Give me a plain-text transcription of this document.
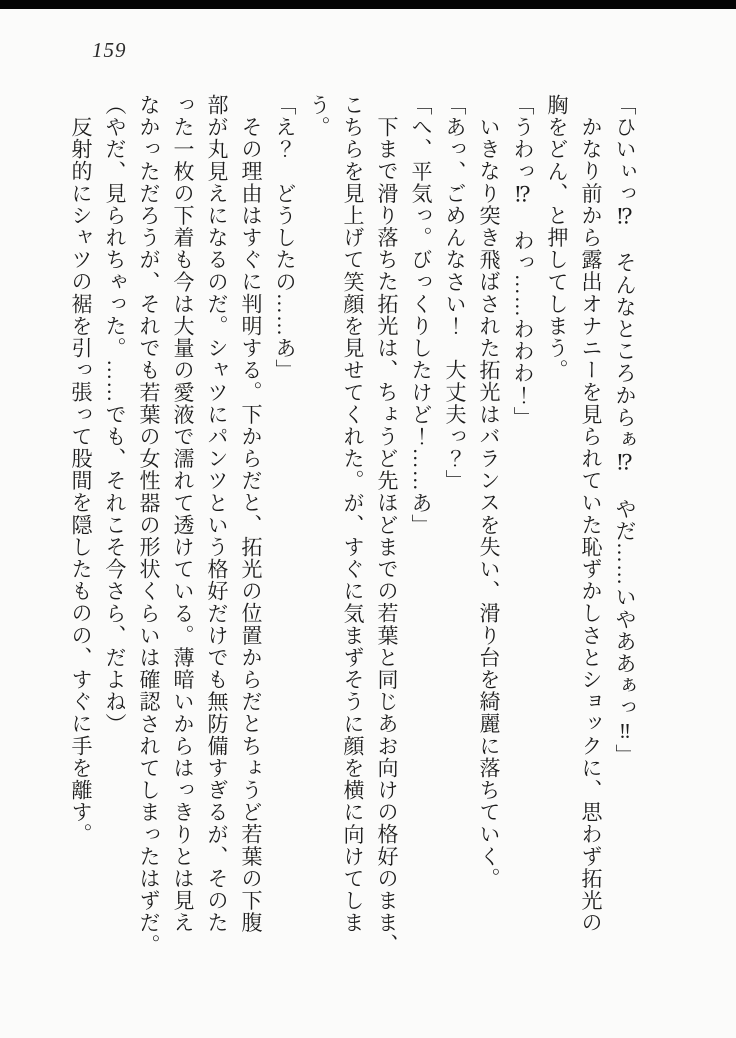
159

「ひいぃっ⁉　そんなところからぁ⁉　やだ……いやああぁっ‼」

かなり前から露出オナニーを見られていた恥ずかしさとショックに、思わず拓光の

胸をどん、と押してしまう。

「うわっ⁉　わっ……わわわ！」

いきなり突き飛ばされた拓光はバランスを失い、滑り台を綺麗に落ちていく。

「あっ、ごめんなさい！　大丈夫っ？」

「へ、平気っ。びっくりしたけど！……あ」

下まで滑り落ちた拓光は、ちょうど先ほどまでの若葉と同じあお向けの格好のまま、

こちらを見上げて笑顔を見せてくれた。が、すぐに気まずそうに顔を横に向けてしま

う。

「え？　どうしたの……あ」

その理由はすぐに判明する。下からだと、拓光の位置からだとちょうど若葉の下腹

部が丸見えになるのだ。シャツにパンツという格好だけでも無防備すぎるが、そのた

った一枚の下着も今は大量の愛液で濡れて透けている。薄暗いからはっきりとは見え

なかっただろうが、それでも若葉の女性器の形状くらいは確認されてしまったはずだ。

（やだ、見られちゃった。……でも、それこそ今さら、だよね）

反射的にシャツの裾を引っ張って股間を隠したものの、すぐに手を離す。
